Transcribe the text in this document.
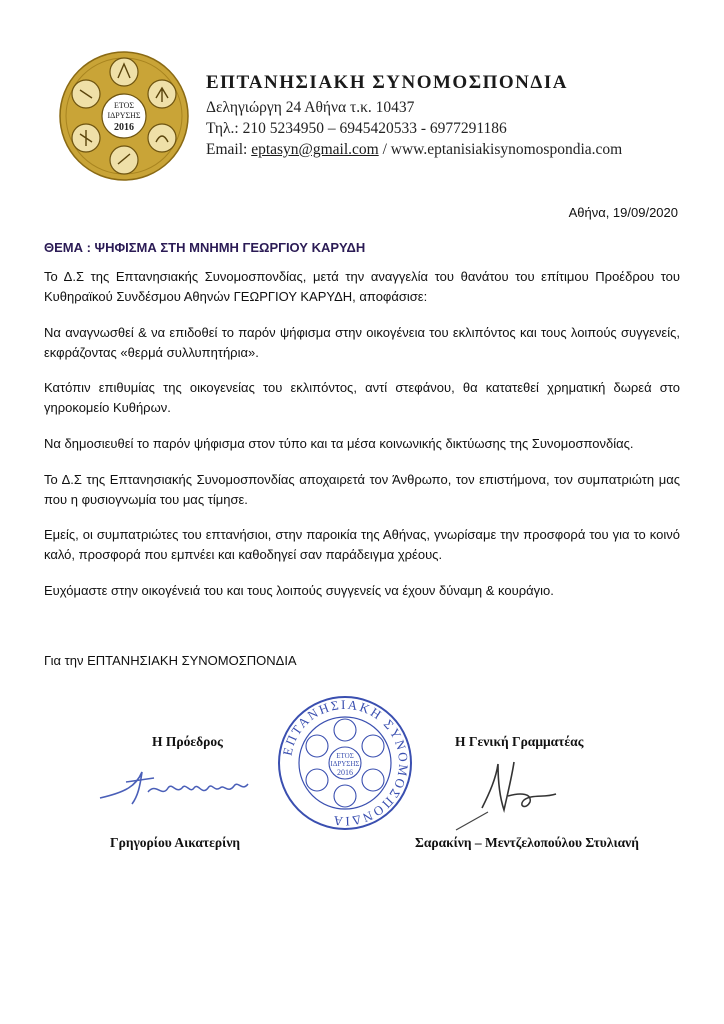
ΕΤΟΣ
ΙΔΡΥΣΗΣ
2016

ΕΠΤΑΝΗΣΙΑΚΗ ΣΥΝΟΜΟΣΠΟΝΔΙΑ

Δεληγιώργη 24 Αθήνα τ.κ. 10437

Τηλ.: 210 5234950 – 6945420533 - 6977291186

Email: eptasyn@gmail.com / www.eptanisiakisynomospondia.com

Αθήνα, 19/09/2020
ΘΕΜΑ : ΨΗΦΙΣΜΑ ΣΤΗ ΜΝΗΜΗ ΓΕΩΡΓΙΟΥ ΚΑΡΥΔΗ

Το Δ.Σ της Επτανησιακής Συνομοσπονδίας, μετά την αναγγελία του θανάτου του επίτιμου Προέδρου του Κυθηραϊκού Συνδέσμου Αθηνών ΓΕΩΡΓΙΟΥ ΚΑΡΥΔΗ, αποφάσισε:

Να αναγνωσθεί & να επιδοθεί το παρόν ψήφισμα στην οικογένεια του εκλιπόντος και τους λοιπούς συγγενείς, εκφράζοντας «θερμά συλλυπητήρια».

Κατόπιν επιθυμίας της οικογενείας του εκλιπόντος, αντί στεφάνου, θα κατατεθεί χρηματική δωρεά στο γηροκομείο Κυθήρων.

Να δημοσιευθεί το παρόν ψήφισμα στον τύπο και τα μέσα κοινωνικής δικτύωσης της Συνομοσπονδίας.

Το Δ.Σ της Επτανησιακής Συνομοσπονδίας αποχαιρετά τον Άνθρωπο, τον επιστήμονα, τον συμπατριώτη μας που η φυσιογνωμία του μας τίμησε.

Εμείς, οι συμπατριώτες του επτανήσιοι, στην παροικία της Αθήνας, γνωρίσαμε την προσφορά του για το κοινό καλό, προσφορά που εμπνέει και καθοδηγεί σαν παράδειγμα χρέους.

Ευχόμαστε στην οικογένειά του και τους λοιπούς συγγενείς να έχουν δύναμη & κουράγιο.

Για την ΕΠΤΑΝΗΣΙΑΚΗ ΣΥΝΟΜΟΣΠΟΝΔΙΑ
Η Πρόεδρος	Η Γενική Γραμματέας
ΕΠΤΑΝΗΣΙΑΚΗ ΣΥΝΟΜΟΣΠΟΝΔΙΑ
ΕΤΟΣ
ΙΔΡΥΣΗΣ
2016
Γρηγορίου Αικατερίνη	Σαρακίνη – Μεντζελοπούλου Στυλιανή
